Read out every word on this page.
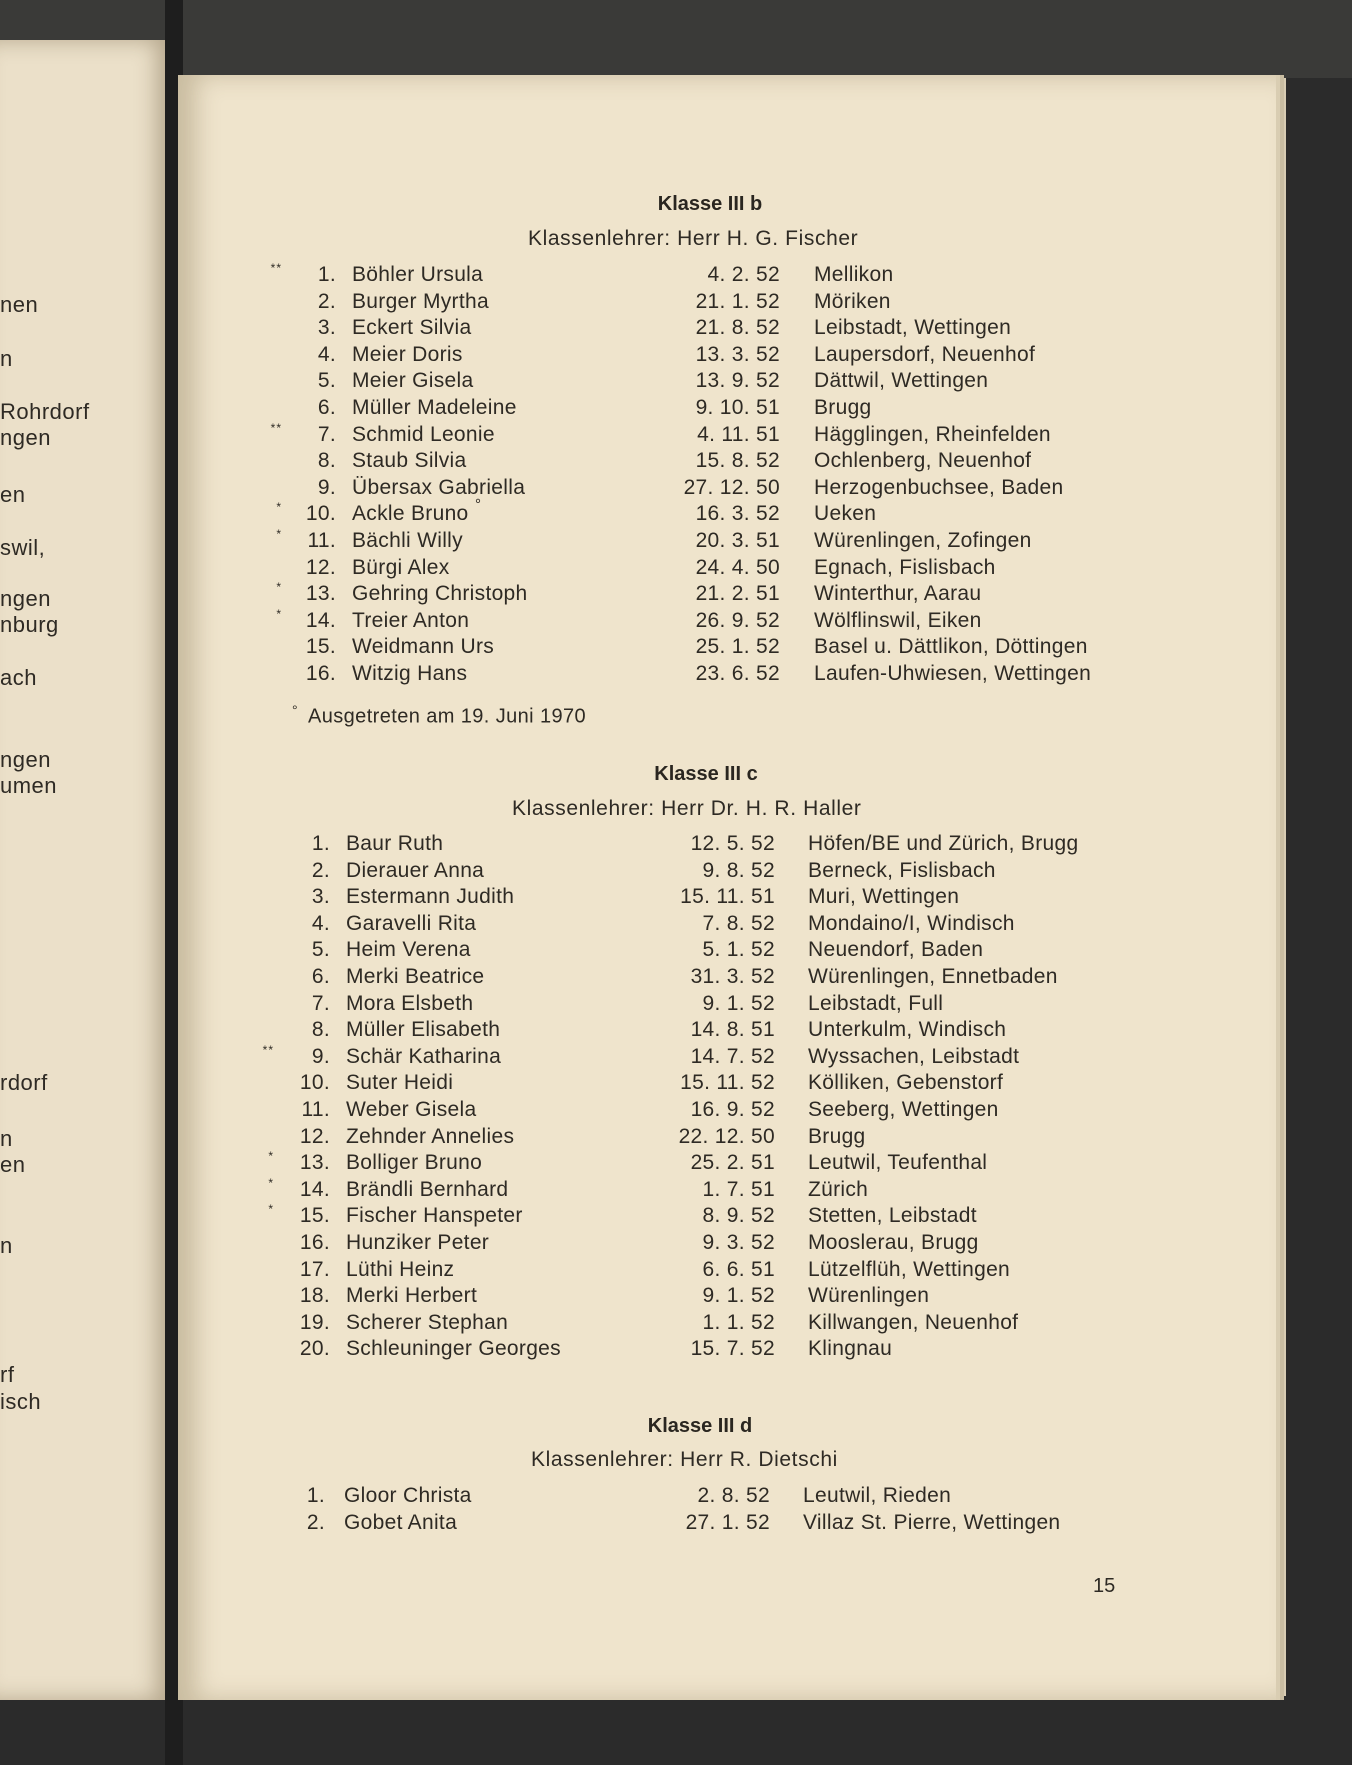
Klasse III b
Klassenlehrer: Herr H. G. Fischer
**	1. Böhler Ursula	4. 2. 52 Mellikon
2. Burger Myrtha	21. 1. 52 Möriken
3. Eckert Silvia	21. 8. 52 Leibstadt, Wettingen
4. Meier Doris	13. 3. 52 Laupersdorf, Neuenhof
5. Meier Gisela	13. 9. 52 Dättwil, Wettingen
6. Müller Madeleine	9. 10. 51 Brugg
**	7. Schmid Leonie	4. 11. 51 Hägglingen, Rheinfelden
8. Staub Silvia	15. 8. 52 Ochlenberg, Neuenhof
9. Übersax Gabriella	27. 12. 50 Herzogenbuchsee, Baden
*	10. Ackle Bruno °	16. 3. 52 Ueken
*	11. Bächli Willy	20. 3. 51 Würenlingen, Zofingen
12. Bürgi Alex	24. 4. 50 Egnach, Fislisbach
*	13. Gehring Christoph	21. 2. 51 Winterthur, Aarau
*	14. Treier Anton	26. 9. 52 Wölflinswil, Eiken
15. Weidmann Urs	25. 1. 52 Basel u. Dättlikon, Döttingen
16. Witzig Hans	23. 6. 52 Laufen-Uhwiesen, Wettingen
° Ausgetreten am 19. Juni 1970
Klasse III c
Klassenlehrer: Herr Dr. H. R. Haller
1. Baur Ruth	12. 5. 52 Höfen/BE und Zürich, Brugg
2. Dierauer Anna	9. 8. 52 Berneck, Fislisbach
3. Estermann Judith	15. 11. 51 Muri, Wettingen
4. Garavelli Rita	7. 8. 52 Mondaino/I, Windisch
5. Heim Verena	5. 1. 52 Neuendorf, Baden
6. Merki Beatrice	31. 3. 52 Würenlingen, Ennetbaden
7. Mora Elsbeth	9. 1. 52 Leibstadt, Full
8. Müller Elisabeth	14. 8. 51 Unterkulm, Windisch
**	9. Schär Katharina	14. 7. 52 Wyssachen, Leibstadt
10. Suter Heidi	15. 11. 52 Kölliken, Gebenstorf
11. Weber Gisela	16. 9. 52 Seeberg, Wettingen
12. Zehnder Annelies	22. 12. 50 Brugg
*	13. Bolliger Bruno	25. 2. 51 Leutwil, Teufenthal
*	14. Brändli Bernhard	1. 7. 51 Zürich
*	15. Fischer Hanspeter	8. 9. 52 Stetten, Leibstadt
16. Hunziker Peter	9. 3. 52 Mooslerau, Brugg
17. Lüthi Heinz	6. 6. 51 Lützelflüh, Wettingen
18. Merki Herbert	9. 1. 52 Würenlingen
19. Scherer Stephan	1. 1. 52 Killwangen, Neuenhof
20. Schleuninger Georges	15. 7. 52 Klingnau
Klasse III d
Klassenlehrer: Herr R. Dietschi
1. Gloor Christa	2. 8. 52 Leutwil, Rieden
2. Gobet Anita	27. 1. 52 Villaz St. Pierre, Wettingen
15
nen
n
Rohrdorf
ngen
en
swil,
ngen
nburg
ach
ngen
umen
rdorf
n
en
n
rf
isch
